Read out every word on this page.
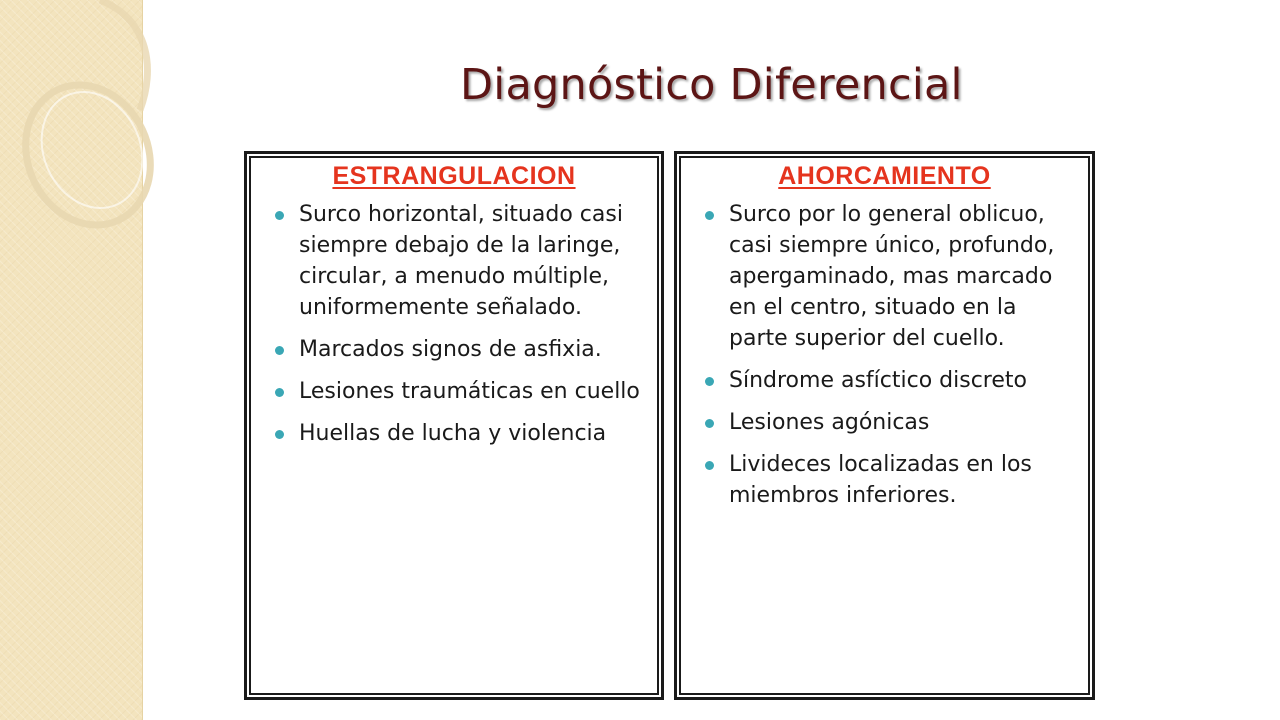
Diagnóstico Diferencial
ESTRANGULACION
Surco horizontal, situado casi siempre debajo de la laringe, circular, a menudo múltiple, uniformemente señalado.
Marcados signos de asfixia.
Lesiones traumáticas en cuello
Huellas de lucha y violencia
AHORCAMIENTO
Surco por lo general oblicuo, casi siempre único, profundo, apergaminado, mas marcado en el centro, situado en la parte superior del cuello.
Síndrome asfíctico discreto
Lesiones agónicas
Livideces localizadas en los miembros inferiores.
